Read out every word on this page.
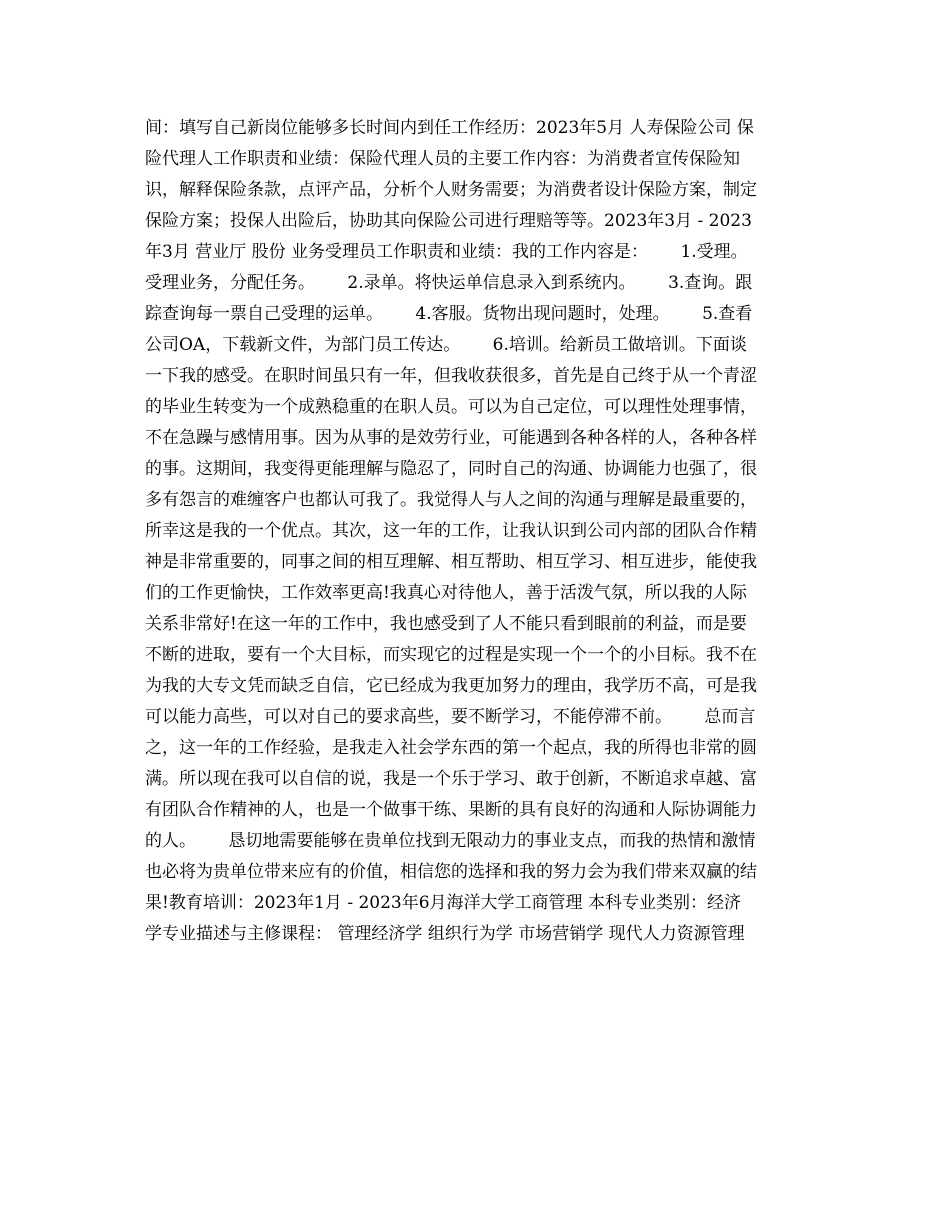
间：填写自己新岗位能够多长时间内到任工作经历：2023年5月 人寿保险公司 保
险代理人工作职责和业绩：保险代理人员的主要工作内容：为消费者宣传保险知
识，解释保险条款，点评产品，分析个人财务需要；为消费者设计保险方案，制定
保险方案；投保人出险后，协助其向保险公司进行理赔等等。2023年3月 - 2023
年3月 营业厅 股份 业务受理员工作职责和业绩：我的工作内容是：      1.受理。
受理业务，分配任务。      2.录单。将快运单信息录入到系统内。      3.查询。跟
踪查询每一票自己受理的运单。      4.客服。货物出现问题时，处理。      5.查看
公司OA，下载新文件，为部门员工传达。      6.培训。给新员工做培训。下面谈
一下我的感受。在职时间虽只有一年，但我收获很多，首先是自己终于从一个青涩
的毕业生转变为一个成熟稳重的在职人员。可以为自己定位，可以理性处理事情，
不在急躁与感情用事。因为从事的是效劳行业，可能遇到各种各样的人，各种各样
的事。这期间，我变得更能理解与隐忍了，同时自己的沟通、协调能力也强了，很
多有怨言的难缠客户也都认可我了。我觉得人与人之间的沟通与理解是最重要的，
所幸这是我的一个优点。其次，这一年的工作，让我认识到公司内部的团队合作精
神是非常重要的，同事之间的相互理解、相互帮助、相互学习、相互进步，能使我
们的工作更愉快，工作效率更高!我真心对待他人，善于活泼气氛，所以我的人际
关系非常好!在这一年的工作中，我也感受到了人不能只看到眼前的利益，而是要
不断的进取，要有一个大目标，而实现它的过程是实现一个一个的小目标。我不在
为我的大专文凭而缺乏自信，它已经成为我更加努力的理由，我学历不高，可是我
可以能力高些，可以对自己的要求高些，要不断学习，不能停滞不前。      总而言
之，这一年的工作经验，是我走入社会学东西的第一个起点，我的所得也非常的圆
满。所以现在我可以自信的说，我是一个乐于学习、敢于创新，不断追求卓越、富
有团队合作精神的人，也是一个做事干练、果断的具有良好的沟通和人际协调能力
的人。      恳切地需要能够在贵单位找到无限动力的事业支点，而我的热情和激情
也必将为贵单位带来应有的价值，相信您的选择和我的努力会为我们带来双赢的结
果!教育培训：2023年1月 - 2023年6月海洋大学工商管理 本科专业类别：经济
学专业描述与主修课程： 管理经济学 组织行为学 市场营销学 现代人力资源管理
